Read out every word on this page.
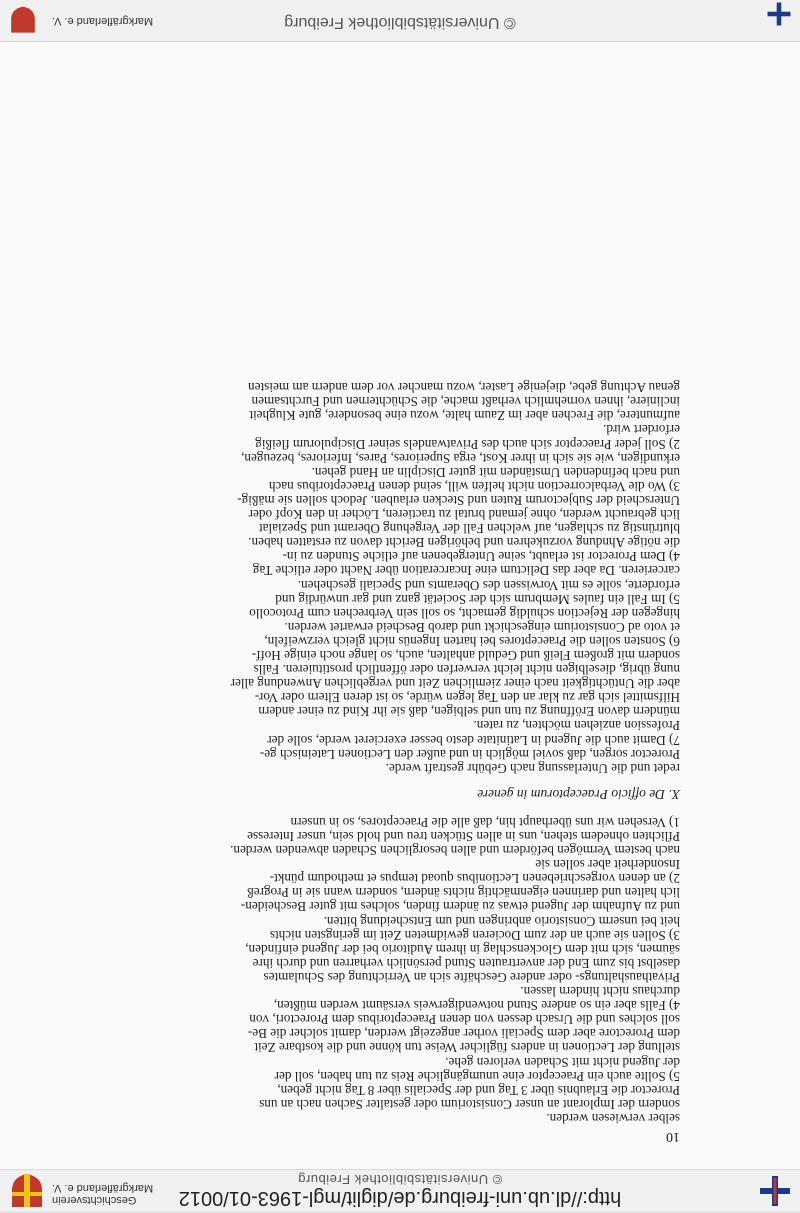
http://dl.ub.uni-freiburg.de/diglit/mgl-1963-01/0012
© Universitätsbibliothek Freiburg
Geschichtsverein
Markgräflerland e. V.
10

selber verwiesen werden.
sondern der Implorant an unser Consistorium oder gestalter Sachen nach an uns
Prorector die Erlaubnis über 3 Tag und der Specialis über 8 Tag nicht geben,
5) Sollte auch ein Praeceptor eine unumgängliche Reis zu tun haben, soll der
der Jugend nicht mit Schaden verloren gehe.
stellung der Lectionen in anders füglicher Weise tun könne und die kostbare Zeit
dem Prorectore aber dem Speciali vorher angezeigt werden, damit solcher die Be-
soll solches und die Ursach dessen von denen Praeceptoribus dem Prorectori, von
4) Falls aber ein so andere Stund notwendigerweis versäumt werden müßten,
durchaus nicht hindern lassen.
Privathaushaltungs- oder andere Geschäfte sich an Verrichtung des Schulamtes
daselbst bis zum End der anvertrauten Stund persönlich verharren und durch ihre
säumen, sich mit dem Glockenschlag in ihrem Auditorio bei der Jugend einfinden,
3) Sollen sie auch an der zum Docieren gewidmeten Zeit im geringsten nichts
heit bei unserm Consistorio anbringen und um Entscheidung bitten.
und zu Aufnahm der Jugend etwas zu ändern finden, solches mit guter Bescheiden-
lich halten und darinnen eigenmächtig nichts ändern, sondern wann sie in Progreß
2) an denen vorgeschriebenen Lectionibus quoad tempus et methodum pünkt-
Insonderheit aber sollen sie
nach bestem Vermögen befördern und allen besorglichen Schaden abwenden werden.
Pflichten ohnedem stehen, uns in allen Stücken treu und hold sein, unser Interesse
1) Versehen wir uns überhaupt hin, daß alle die Praeceptores, so in unsern

X. De officio Praeceptorum in genere

redet und die Unterlassung nach Gebühr gestraft werde.
Prorector sorgen, daß soviel möglich in und außer den Lectionen Lateinisch ge-
7) Damit auch die Jugend in Latinitate desto besser exercieret werde, solle der
Profession anziehen möchten, zu raten.
mündern davon Eröffnung zu tun und selbigen, daß sie ihr Kind zu einer andern
Hilfsmittel sich gar zu klar an den Tag legen würde, so ist deren Eltern oder Vor-
aber die Untüchtigkeit nach einer ziemlichen Zeit und vergeblichen Anwendung aller
nung übrig, dieselbigen nicht leicht verwerfen oder öffentlich prostituieren. Falls
sondern mit großem Fleiß und Geduld anhalten, auch, so lange noch einige Hoff-
6) Sonsten sollen die Praeceptores bei harten Ingenüs nicht gleich verzweifeln,
et voto ad Consistorium eingeschickt und darob Bescheid erwartet werden.
hingegen der Rejection schuldig gemacht, so soll sein Verbrechen cum Protocollo
5) Im Fall ein faules Membrum sich der Societät ganz und gar unwürdig und
erforderte, solle es mit Vorwissen des Oberamts und Speciali geschehen.
carcerieren. Da aber das Delictum eine Incarceration über Nacht oder etliche Tag
4) Dem Prorector ist erlaubt, seine Untergebenen auf etliche Stunden zu in-
die nötige Ahndung vorzukehren und behörigen Bericht davon zu erstatten haben.
blutrünstig zu schlagen, auf welchen Fall der Vergehung Oberamt und Spezialat
lich gebraucht werden, ohne jemand brutal zu tractieren, Löcher in den Kopf oder
Unterscheid der Subjectorum Ruten und Stecken erlauben. Jedoch sollen sie mäßig-
3) Wo die Verbalcorrection nicht helfen will, seind denen Praeceptoribus nach
und nach befindenden Umständen mit guter Disciplin an Hand gehen.
erkundigen, wie sie sich in ihrer Kost, erga Superiores, Pares, Inferiores, bezeugen,
2) Soll jeder Praeceptor sich auch des Privatwandels seiner Discipulorum fleißig
erfordert wird.
aufmuntere, die Frechen aber im Zaum halte, wozu eine besondere, gute Klugheit
incliniere, ihnen vornehmlich verhaßt mache, die Schüchternen und Furchtsamen
genau Achtung gebe, diejenige Laster, wozu mancher vor dem andern am meisten

© Universitätsbibliothek Freiburg
Markgräflerland e. V.
